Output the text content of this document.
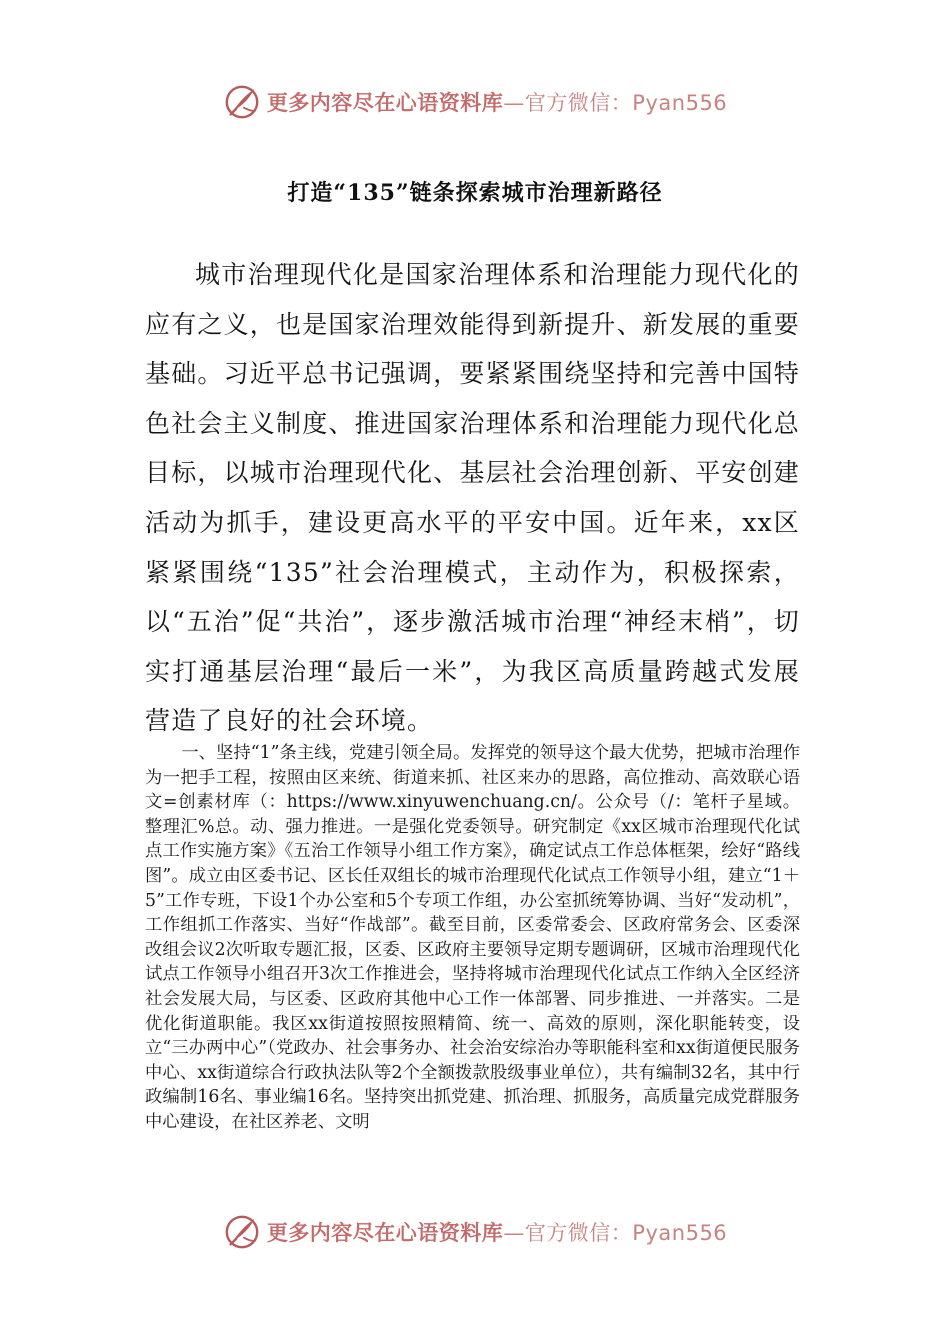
更多内容尽在心语资料库—官方微信：Pyan556
打造“135”链条探索城市治理新路径

城市治理现代化是国家治理体系和治理能力现代化的应有之义，也是国家治理效能得到新提升、新发展的重要基础。习近平总书记强调，要紧紧围绕坚持和完善中国特色社会主义制度、推进国家治理体系和治理能力现代化总目标，以城市治理现代化、基层社会治理创新、平安创建活动为抓手，建设更高水平的平安中国。近年来，xx区紧紧围绕“135”社会治理模式，主动作为，积极探索，以“五治”促“共治”，逐步激活城市治理“神经末梢”，切实打通基层治理“最后一米”，为我区高质量跨越式发展营造了良好的社会环境。

一、坚持“1”条主线，党建引领全局。发挥党的领导这个最大优势，把城市治理作为一把手工程，按照由区来统、街道来抓、社区来办的思路，高位推动、高效联心语文=创素材库（：https://www.xinyuwenchuang.cn/。公众号（/：笔杆子星域。整理汇%总。动、强力推进。一是强化党委领导。研究制定《xx区城市治理现代化试点工作实施方案》《五治工作领导小组工作方案》，确定试点工作总体框架，绘好“路线图”。成立由区委书记、区长任双组长的城市治理现代化试点工作领导小组，建立“1＋5”工作专班，下设1个办公室和5个专项工作组，办公室抓统筹协调、当好“发动机”，工作组抓工作落实、当好“作战部”。截至目前，区委常委会、区政府常务会、区委深改组会议2次听取专题汇报，区委、区政府主要领导定期专题调研，区城市治理现代化试点工作领导小组召开3次工作推进会，坚持将城市治理现代化试点工作纳入全区经济社会发展大局，与区委、区政府其他中心工作一体部署、同步推进、一并落实。二是优化街道职能。我区xx街道按照按照精简、统一、高效的原则，深化职能转变，设立“三办两中心”（党政办、社会事务办、社会治安综治办等职能科室和xx街道便民服务中心、xx街道综合行政执法队等2个全额拨款股级事业单位），共有编制32名，其中行政编制16名、事业编16名。坚持突出抓党建、抓治理、抓服务，高质量完成党群服务中心建设，在社区养老、文明

更多内容尽在心语资料库—官方微信：Pyan556
